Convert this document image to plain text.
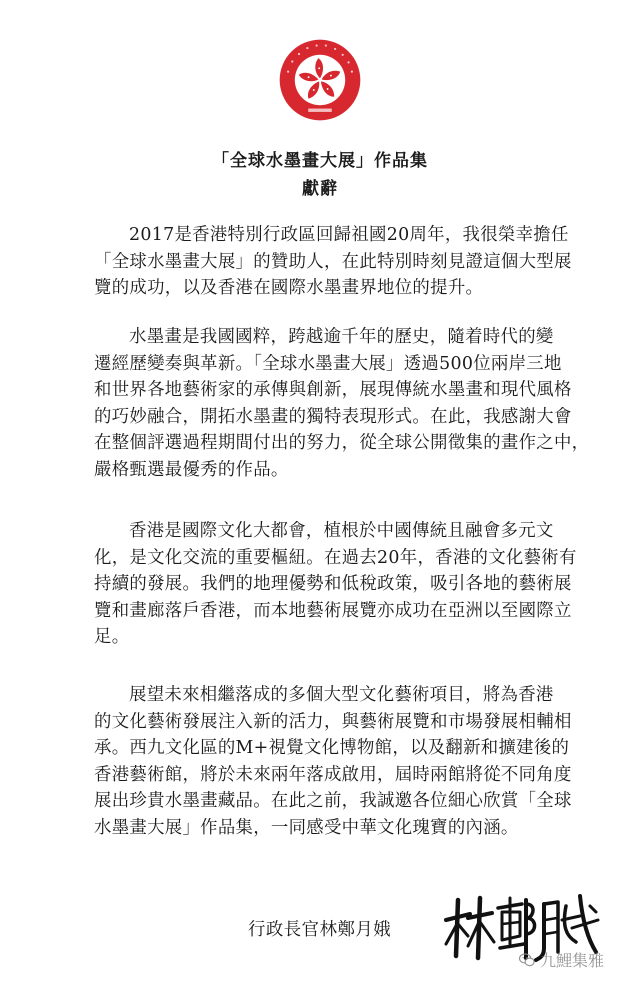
「全球水墨畫大展」作品集
獻辭
2017是香港特別行政區回歸祖國20周年，我很榮幸擔任
「全球水墨畫大展」的贊助人，在此特別時刻見證這個大型展
覽的成功，以及香港在國際水墨畫界地位的提升。
水墨畫是我國國粹，跨越逾千年的歷史，隨着時代的變
遷經歷變奏與革新。「全球水墨畫大展」透過500位兩岸三地
和世界各地藝術家的承傳與創新，展現傳統水墨畫和現代風格
的巧妙融合，開拓水墨畫的獨特表現形式。在此，我感謝大會
在整個評選過程期間付出的努力，從全球公開徵集的畫作之中，
嚴格甄選最優秀的作品。
香港是國際文化大都會，植根於中國傳統且融會多元文
化，是文化交流的重要樞紐。在過去20年，香港的文化藝術有
持續的發展。我們的地理優勢和低稅政策，吸引各地的藝術展
覽和畫廊落戶香港，而本地藝術展覽亦成功在亞洲以至國際立
足。
展望未來相繼落成的多個大型文化藝術項目，將為香港
的文化藝術發展注入新的活力，與藝術展覽和市場發展相輔相
承。西九文化區的M+視覺文化博物館，以及翻新和擴建後的
香港藝術館，將於未來兩年落成啟用，屆時兩館將從不同角度
展出珍貴水墨畫藏品。在此之前，我誠邀各位細心欣賞「全球
水墨畫大展」作品集，一同感受中華文化瑰寶的內涵。
行政長官林鄭月娥
九鯉集雅
